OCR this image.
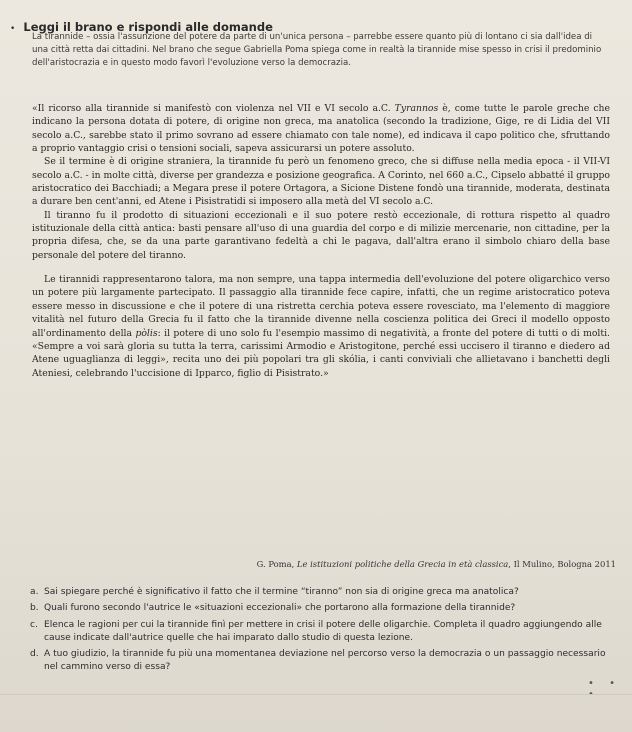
• Leggi il brano e rispondi alle domande
La tirannide – ossia l'assunzione del potere da parte di un'unica persona – parrebbe essere quanto più di lontano ci sia dall'idea di una città retta dai cittadini. Nel brano che segue Gabriella Poma spiega come in realtà la tirannide mise spesso in crisi il predominio dell'aristocrazia e in questo modo favorì l'evoluzione verso la democrazia.

«Il ricorso alla tirannide si manifestò con violenza nel VII e VI secolo a.C. Tyrannos è, come tutte le parole greche che indicano la persona dotata di potere, di origine non greca, ma anatolica (secondo la tradizione, Gige, re di Lidia del VII secolo a.C., sarebbe stato il primo sovrano ad essere chiamato con tale nome), ed indicava il capo politico che, sfruttando a proprio vantaggio crisi o tensioni sociali, sapeva assicurarsi un potere assoluto.

Se il termine è di origine straniera, la tirannide fu però un fenomeno greco, che si diffuse nella media epoca - il VII-VI secolo a.C. - in molte città, diverse per grandezza e posizione geografica. A Corinto, nel 660 a.C., Cipselo abbatté il gruppo aristocratico dei Bacchiadi; a Megara prese il potere Ortagora, a Sicione Distene fondò una tirannide, moderata, destinata a durare ben cent'anni, ed Atene i Pisistratidi si imposero alla metà del VI secolo a.C.

Il tiranno fu il prodotto di situazioni eccezionali e il suo potere restò eccezionale, di rottura rispetto al quadro istituzionale della città antica: basti pensare all'uso di una guardia del corpo e di milizie mercenarie, non cittadine, per la propria difesa, che, se da una parte garantivano fedeltà a chi le pagava, dall'altra erano il simbolo chiaro della base personale del potere del tiranno.

Le tirannidi rappresentarono talora, ma non sempre, una tappa intermedia dell'evoluzione del potere oligarchico verso un potere più largamente partecipato. Il passaggio alla tirannide fece capire, infatti, che un regime aristocratico poteva essere messo in discussione e che il potere di una ristretta cerchia poteva essere rovesciato, ma l'elemento di maggiore vitalità nel futuro della Grecia fu il fatto che la tirannide divenne nella coscienza politica dei Greci il modello opposto all'ordinamento della pòlis: il potere di uno solo fu l'esempio massimo di negatività, a fronte del potere di tutti o di molti. «Sempre a voi sarà gloria su tutta la terra, carissimi Armodio e Aristogitone, perché essi uccisero il tiranno e diedero ad Atene uguaglianza di leggi», recita uno dei più popolari tra gli skólia, i canti conviviali che allietavano i banchetti degli Ateniesi, celebrando l'uccisione di Ipparco, figlio di Pisistrato.»

G. Poma, Le istituzioni politiche della Grecia in età classica, Il Mulino, Bologna 2011
a. Sai spiegare perché è significativo il fatto che il termine “tiranno” non sia di origine greca ma anatolica?
b. Quali furono secondo l'autrice le «situazioni eccezionali» che portarono alla formazione della tirannide?
c. Elenca le ragioni per cui la tirannide finì per mettere in crisi il potere delle oligarchie. Completa il quadro aggiungendo alle cause indicate dall'autrice quelle che hai imparato dallo studio di questa lezione.
d. A tuo giudizio, la tirannide fu più una momentanea deviazione nel percorso verso la democrazia o un passaggio necessario nel cammino verso di essa?
• •
